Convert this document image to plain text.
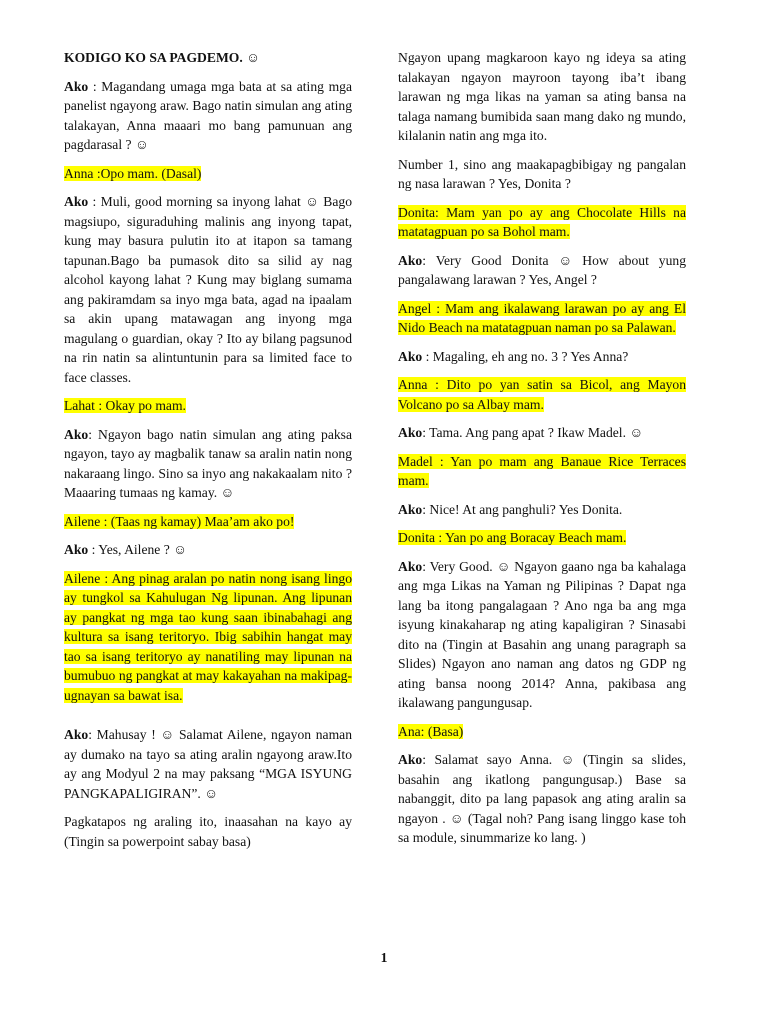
KODIGO KO SA PAGDEMO. ☺

Ako : Magandang umaga mga bata at sa ating mga panelist ngayong araw. Bago natin simulan ang ating talakayan, Anna maaari mo bang pamunuan ang pagdarasal ? ☺

Anna :Opo mam. (Dasal)

Ako : Muli, good morning sa inyong lahat ☺ Bago magsiupo, siguraduhing malinis ang inyong tapat, kung may basura pulutin ito at itapon sa tamang tapunan.Bago ba pumasok dito sa silid ay nag alcohol kayong lahat ? Kung may biglang sumama ang pakiramdam sa inyo mga bata, agad na ipaalam sa akin upang matawagan ang inyong mga magulang o guardian, okay ? Ito ay bilang pagsunod na rin natin sa alintuntunin para sa limited face to face classes.

Lahat : Okay po mam.

Ako: Ngayon bago natin simulan ang ating paksa ngayon, tayo ay magbalik tanaw sa aralin natin nong nakaraang lingo. Sino sa inyo ang nakakaalam nito ? Maaaring tumaas ng kamay. ☺

Ailene : (Taas ng kamay) Maa’am ako po!

Ako : Yes, Ailene ? ☺

Ailene : Ang pinag aralan po natin nong isang lingo ay tungkol sa Kahulugan Ng lipunan. Ang lipunan ay pangkat ng mga tao kung saan ibinabahagi ang kultura sa isang teritoryo. Ibig sabihin hangat may tao sa isang teritoryo ay nanatiling may lipunan na bumubuo ng pangkat at may kakayahan na makipag-ugnayan sa bawat isa.

Ako: Mahusay ! ☺ Salamat Ailene, ngayon naman ay dumako na tayo sa ating aralin ngayong araw.Ito ay ang Modyul 2 na may paksang “MGA ISYUNG PANGKAPALIGIRAN”. ☺

Pagkatapos ng araling ito, inaasahan na kayo ay (Tingin sa powerpoint sabay basa)

Ngayon upang magkaroon kayo ng ideya sa ating talakayan ngayon mayroon tayong iba’t ibang larawan ng mga likas na yaman sa ating bansa na talaga namang bumibida saan mang dako ng mundo, kilalanin natin ang mga ito.

Number 1, sino ang maakapagbibigay ng pangalan ng nasa larawan ? Yes, Donita ?

Donita: Mam yan po ay ang Chocolate Hills na matatagpuan po sa Bohol mam.

Ako: Very Good Donita ☺ How about yung pangalawang larawan ? Yes, Angel ?

Angel : Mam ang ikalawang larawan po ay ang El Nido Beach na matatagpuan naman po sa Palawan.

Ako : Magaling, eh ang no. 3 ? Yes Anna?

Anna : Dito po yan satin sa Bicol, ang Mayon Volcano po sa Albay mam.

Ako: Tama. Ang pang apat ? Ikaw Madel. ☺

Madel : Yan po mam ang Banaue Rice Terraces mam.

Ako: Nice! At ang panghuli? Yes Donita.

Donita : Yan po ang Boracay Beach mam.

Ako: Very Good. ☺ Ngayon gaano nga ba kahalaga ang mga Likas na Yaman ng Pilipinas ? Dapat nga lang ba itong pangalagaan ? Ano nga ba ang mga isyung kinakaharap ng ating kapaligiran ? Sinasabi dito na (Tingin at Basahin ang unang paragraph sa Slides) Ngayon ano naman ang datos ng GDP ng ating bansa noong 2014? Anna, pakibasa ang ikalawang pangungusap.

Ana: (Basa)

Ako: Salamat sayo Anna. ☺ (Tingin sa slides, basahin ang ikatlong pangungusap.) Base sa nabanggit, dito pa lang papasok ang ating aralin sa ngayon . ☺ (Tagal noh? Pang isang linggo kase toh sa module, sinummarize ko lang. )

1
